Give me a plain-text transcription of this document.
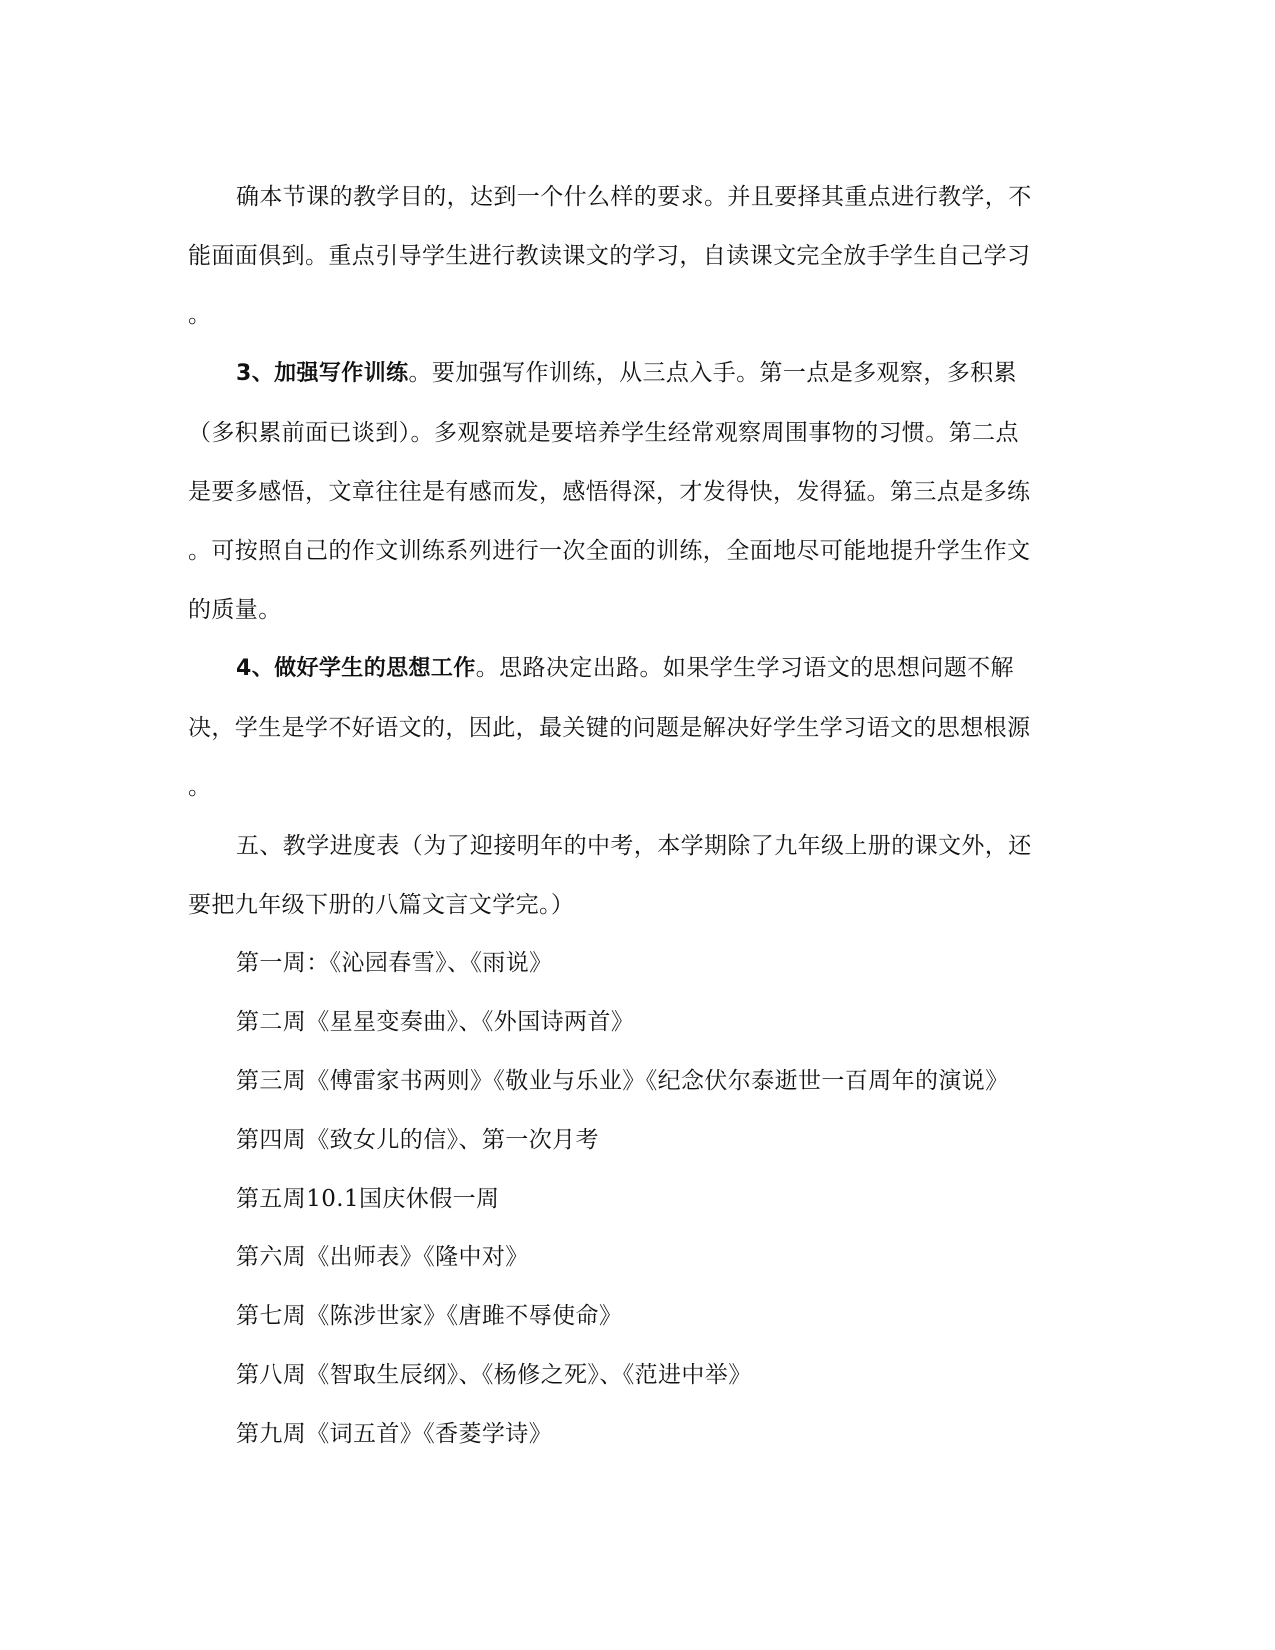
确本节课的教学目的，达到一个什么样的要求。并且要择其重点进行教学，不
能面面俱到。重点引导学生进行教读课文的学习，自读课文完全放手学生自己学习
。

3、加强写作训练。要加强写作训练，从三点入手。第一点是多观察，多积累
（多积累前面已谈到）。多观察就是要培养学生经常观察周围事物的习惯。第二点
是要多感悟，文章往往是有感而发，感悟得深，才发得快，发得猛。第三点是多练
。可按照自己的作文训练系列进行一次全面的训练，全面地尽可能地提升学生作文
的质量。

4、做好学生的思想工作。思路决定出路。如果学生学习语文的思想问题不解
决，学生是学不好语文的，因此，最关键的问题是解决好学生学习语文的思想根源
。

五、教学进度表（为了迎接明年的中考，本学期除了九年级上册的课文外，还
要把九年级下册的八篇文言文学完。）

第一周：《沁园春雪》、《雨说》
第二周《星星变奏曲》、《外国诗两首》
第三周《傅雷家书两则》《敬业与乐业》《纪念伏尔泰逝世一百周年的演说》
第四周《致女儿的信》、第一次月考
第五周10.1国庆休假一周
第六周《出师表》《隆中对》
第七周《陈涉世家》《唐雎不辱使命》
第八周《智取生辰纲》、《杨修之死》、《范进中举》
第九周《词五首》《香菱学诗》
